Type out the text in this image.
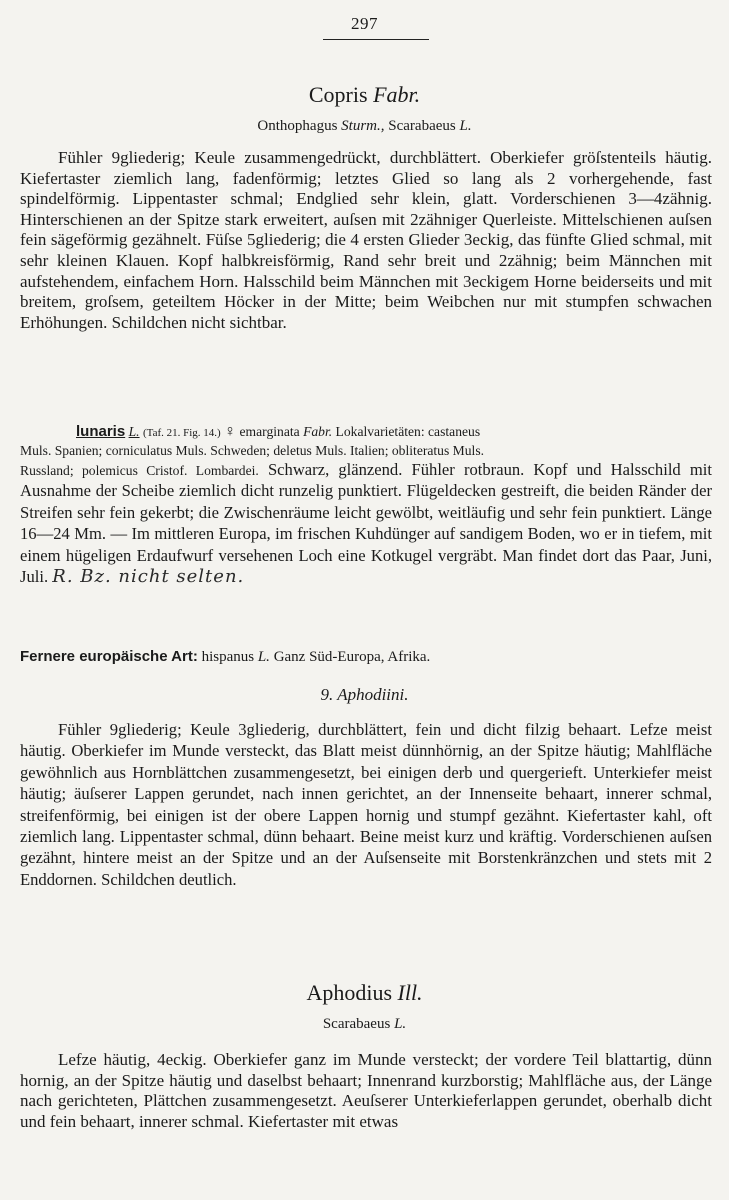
297
Copris Fabr.
Onthophagus Sturm., Scarabaeus L.

Fühler 9gliederig; Keule zusammengedrückt, durchblättert. Oberkiefer gröſstenteils häutig. Kiefertaster ziemlich lang, fadenförmig; letztes Glied so lang als 2 vorhergehende, fast spindelförmig. Lippentaster schmal; Endglied sehr klein, glatt. Vorderschienen 3—4zähnig. Hinterschienen an der Spitze stark erweitert, auſsen mit 2zähniger Querleiste. Mittelschienen auſsen fein sägeförmig gezähnelt. Füſse 5gliederig; die 4 ersten Glieder 3eckig, das fünfte Glied schmal, mit sehr kleinen Klauen. Kopf halbkreisförmig, Rand sehr breit und 2zähnig; beim Männchen mit aufstehendem, einfachem Horn. Halsschild beim Männchen mit 3eckigem Horne beiderseits und mit breitem, groſsem, geteiltem Höcker in der Mitte; beim Weibchen nur mit stumpfen schwachen Erhöhungen. Schildchen nicht sichtbar.

lunaris L. (Taf. 21. Fig. 14.) ♀ emarginata Fabr. Lokalvarietäten: castaneus

Muls. Spanien; corniculatus Muls. Schweden; deletus Muls. Italien; obliteratus Muls.

Russland; polemicus Cristof. Lombardei. Schwarz, glänzend. Fühler rotbraun. Kopf und Halsschild mit Ausnahme der Scheibe ziemlich dicht runzelig punktiert. Flügeldecken gestreift, die beiden Ränder der Streifen sehr fein gekerbt; die Zwischenräume leicht gewölbt, weitläufig und sehr fein punktiert. Länge 16—24 Mm. — Im mittleren Europa, im frischen Kuhdünger auf sandigem Boden, wo er in tiefem, mit einem hügeligen Erdaufwurf versehenen Loch eine Kotkugel vergräbt. Man findet dort das Paar, Juni, Juli. R. Bz. nicht selten.

Fernere europäische Art: hispanus L. Ganz Süd-Europa, Afrika.
9. Aphodiini.

Fühler 9gliederig; Keule 3gliederig, durchblättert, fein und dicht filzig behaart. Lefze meist häutig. Oberkiefer im Munde versteckt, das Blatt meist dünnhörnig, an der Spitze häutig; Mahlfläche gewöhnlich aus Hornblättchen zusammengesetzt, bei einigen derb und quergerieft. Unterkiefer meist häutig; äuſserer Lappen gerundet, nach innen gerichtet, an der Innenseite behaart, innerer schmal, streifenförmig, bei einigen ist der obere Lappen hornig und stumpf gezähnt. Kiefertaster kahl, oft ziemlich lang. Lippentaster schmal, dünn behaart. Beine meist kurz und kräftig. Vorderschienen auſsen gezähnt, hintere meist an der Spitze und an der Auſsenseite mit Borstenkränzchen und stets mit 2 Enddornen. Schildchen deutlich.

Aphodius Ill.
Scarabaeus L.

Lefze häutig, 4eckig. Oberkiefer ganz im Munde versteckt; der vordere Teil blattartig, dünn hornig, an der Spitze häutig und daselbst behaart; Innenrand kurzborstig; Mahlfläche aus, der Länge nach gerichteten, Plättchen zusammengesetzt. Aeuſserer Unterkieferlappen gerundet, oberhalb dicht und fein behaart, innerer schmal. Kiefertaster mit etwas
